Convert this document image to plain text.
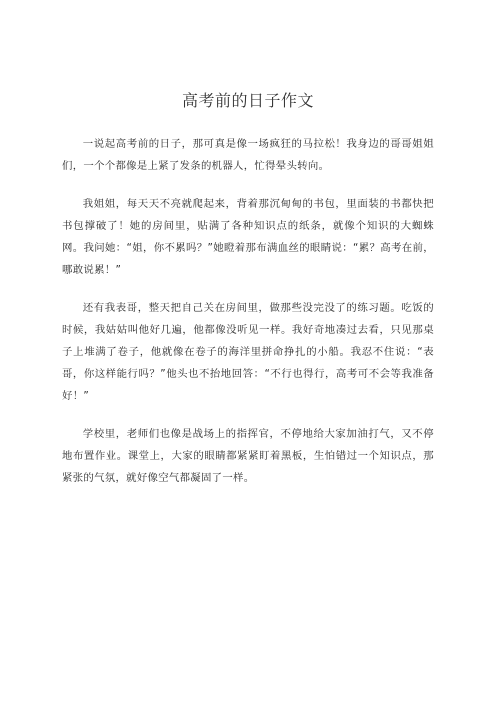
高考前的日子作文

一说起高考前的日子，那可真是像一场疯狂的马拉松！我身边的哥哥姐姐们，一个个都像是上紧了发条的机器人，忙得晕头转向。

我姐姐，每天天不亮就爬起来，背着那沉甸甸的书包，里面装的书都快把书包撑破了！她的房间里，贴满了各种知识点的纸条，就像个知识的大蜘蛛网。我问她：“姐，你不累吗？”她瞪着那布满血丝的眼睛说：“累？高考在前，哪敢说累！”

还有我表哥，整天把自己关在房间里，做那些没完没了的练习题。吃饭的时候，我姑姑叫他好几遍，他都像没听见一样。我好奇地凑过去看，只见那桌子上堆满了卷子，他就像在卷子的海洋里拼命挣扎的小船。我忍不住说：“表哥，你这样能行吗？”他头也不抬地回答：“不行也得行，高考可不会等我准备好！”

学校里，老师们也像是战场上的指挥官，不停地给大家加油打气，又不停地布置作业。课堂上，大家的眼睛都紧紧盯着黑板，生怕错过一个知识点，那紧张的气氛，就好像空气都凝固了一样。
